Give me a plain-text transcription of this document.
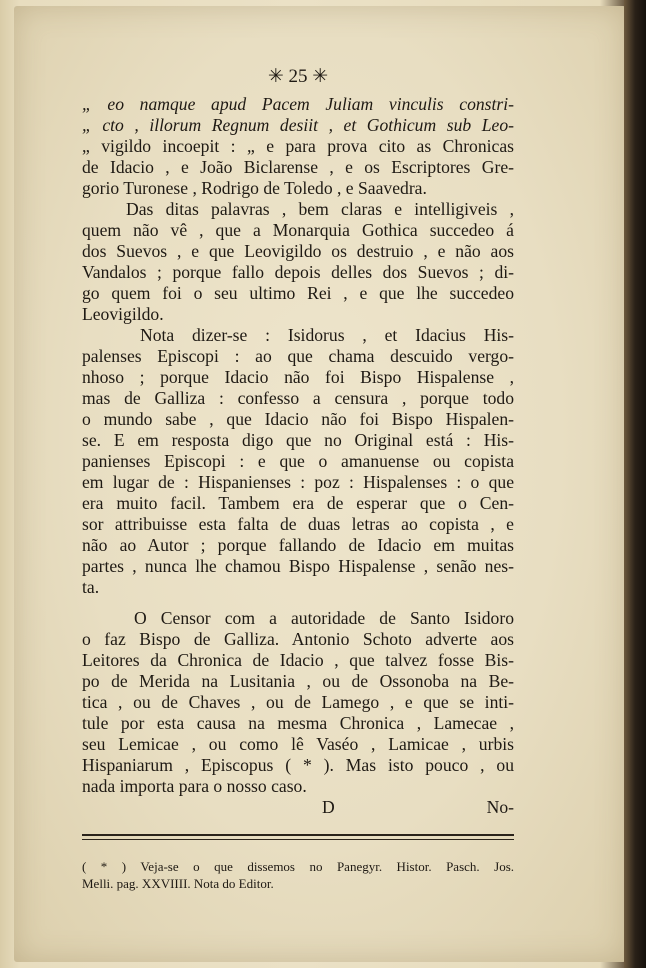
✳ 25 ✳
„ eo namque apud Pacem Juliam vinculis constri-
„ cto , illorum Regnum desiit , et Gothicum sub Leo-
„ vigildo incoepit : „ e para prova cito as Chronicas
de Idacio , e João Biclarense , e os Escriptores Gre-
gorio Turonese , Rodrigo de Toledo , e Saavedra.
Das ditas palavras , bem claras e intelligiveis ,
quem não vê , que a Monarquia Gothica succedeo á
dos Suevos , e que Leovigildo os destruio , e não aos
Vandalos ; porque fallo depois delles dos Suevos ; di-
go quem foi o seu ultimo Rei , e que lhe succedeo
Leovigildo.
Nota dizer-se : Isidorus , et Idacius His-
palenses Episcopi : ao que chama descuido vergo-
nhoso ; porque Idacio não foi Bispo Hispalense ,
mas de Galliza : confesso a censura , porque todo
o mundo sabe , que Idacio não foi Bispo Hispalen-
se. E em resposta digo que no Original está : His-
panienses Episcopi : e que o amanuense ou copista
em lugar de : Hispanienses : poz : Hispalenses : o que
era muito facil. Tambem era de esperar que o Cen-
sor attribuisse esta falta de duas letras ao copista , e
não ao Autor ; porque fallando de Idacio em muitas
partes , nunca lhe chamou Bispo Hispalense , senão nes-
ta.
O Censor com a autoridade de Santo Isidoro
o faz Bispo de Galliza. Antonio Schoto adverte aos
Leitores da Chronica de Idacio , que talvez fosse Bis-
po de Merida na Lusitania , ou de Ossonoba na Be-
tica , ou de Chaves , ou de Lamego , e que se inti-
tule por esta causa na mesma Chronica , Lamecae ,
seu Lemicae , ou como lê Vaséo , Lamicae , urbis
Hispaniarum , Episcopus ( * ). Mas isto pouco , ou
nada importa para o nosso caso.
D	No-
( * ) Veja-se o que dissemos no Panegyr. Histor. Pasch. Jos.
Melli. pag. XXVIIII. Nota do Editor.
